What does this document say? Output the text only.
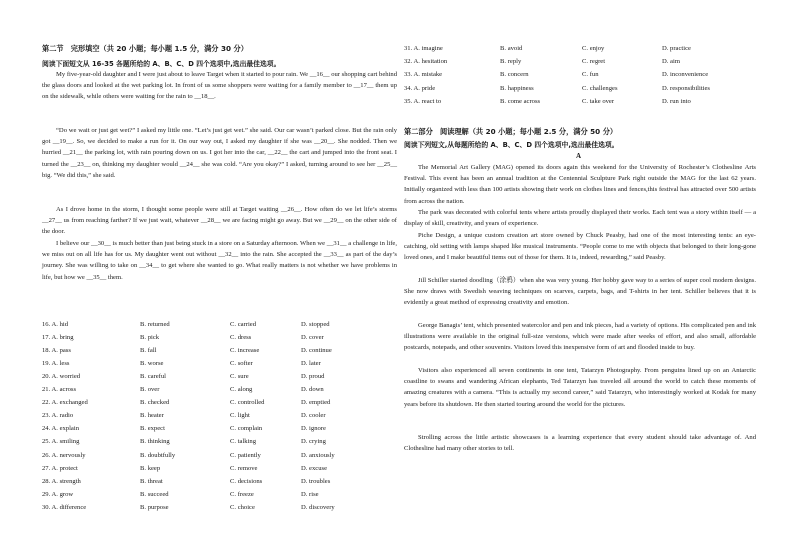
第二节　完形填空（共 20 小题；每小题 1.5 分，满分 30 分）
阅读下面短文从 16-35 各题所给的 A、B、C、D 四个选项中,选出最佳选项。

My five-year-old daughter and I were just about to leave Target when it started to pour rain. We __16__ our shopping cart behind the glass doors and looked at the wet parking lot. In front of us some shoppers were waiting for a family member to __17__ them up on the sidewalk, while others were waiting for the rain to __18__.

“Do we wait or just get wet?” I asked my little one. “Let’s just get wet.” she said. Our car wasn’t parked close. But the rain only got __19__. So, we decided to make a run for it. On our way out, I asked my daughter if she was __20__. She nodded. Then we hurried __21__ the parking lot, with rain pouring down on us. I got her into the car, __22__ the cart and jumped into the front seat. I turned the __23__ on, thinking my daughter would __24__ she was cold. “Are you okay?” I asked, turning around to see her __25__ big. “We did this,” she said.

As I drove home in the storm, I thought some people were still at Target waiting __26__. How often do we let life’s storms __27__ us from reaching farther? If we just wait, whatever __28__ we are facing might go away. But we __29__ on the other side of the door.

I believe our __30__ is much better than just being stuck in a store on a Saturday afternoon. When we __31__ a challenge in life, we miss out on all life has for us. My daughter went out without __32__ into the rain. She accepted the __33__ as part of the day’s journey. She was willing to take on __34__ to get where she wanted to go. What really matters is not whether we have problems in life, but how we __35__ them.

16. A. hid	B. returned	C. carried	D. stopped
17. A. bring	B. pick	C. dress	D. cover
18. A. pass	B. fall	C. increase	D. continue
19. A. less	B. worse	C. softer	D. later
20. A. worried	B. careful	C. sure	D. proud
21. A. across	B. over	C. along	D. down
22. A. exchanged	B. checked	C. controlled	D. emptied
23. A. radio	B. heater	C. light	D. cooler
24. A. explain	B. expect	C. complain	D. ignore
25. A. smiling	B. thinking	C. talking	D. crying
26. A. nervously	B. doubtfully	C. patiently	D. anxiously
27. A. protect	B. keep	C. remove	D. excuse
28. A. strength	B. threat	C. decisions	D. troubles
29. A. grow	B. succeed	C. freeze	D. rise
30. A. difference	B. purpose	C. choice	D. discovery
31. A. imagine	B. avoid	C. enjoy	D. practice
32. A. hesitation	B. reply	C. regret	D. aim
33. A. mistake	B. concern	C. fun	D. inconvenience
34. A. pride	B. happiness	C. challenges	D. responsibilities
35. A. react to	B. come across	C. take over	D. run into
第二部分　阅读理解（共 20 小题；每小题 2.5 分，满分 50 分）
阅读下列短文,从每题所给的 A、B、C、D 四个选项中,选出最佳选项。
A

The Memorial Art Gallery (MAG) opened its doors again this weekend for the University of Rochester’s Clothesline Arts Festival. This event has been an annual tradition at the Centennial Sculpture Park right outside the MAG for the last 62 years. Initially organized with less than 100 artists showing their work on clothes lines and fences,this festival has attracted over 500 artists from across the nation.

The park was decorated with colorful tents where artists proudly displayed their works. Each tent was a story within itself — a display of skill, creativity, and years of experience.

Piche Design, a unique custom creation art store owned by Chuck Peasby, had one of the most interesting tents: an eye-catching, old setting with lamps shaped like musical instruments. “People come to me with objects that belonged to their long-gone loved ones, and I make beautiful items out of those for them. It is, indeed, rewarding,” said Peasby.

Jill Schiller started doodling（涂鸦）when she was very young. Her hobby gave way to a series of super cool modern designs. She now draws with Swedish weaving techniques on scarves, carpets, bags, and T-shirts in her tent. Schiller believes that it is evidently a great method of expressing creativity and emotion.

George Banagis’ tent, which presented watercolor and pen and ink pieces, had a variety of options. His complicated pen and ink illustrations were available in the original full-size versions, which were made after weeks of effort, and also small, affordable postcards, notepads, and other souvenirs. Visitors loved this inexpensive form of art and flooded inside to buy.

Visitors also experienced all seven continents in one tent, Tatarzyn Photography. From penguins lined up on an Antarctic coastline to swans and wandering African elephants, Ted Tatarzyn has traveled all around the world to catch these moments of amazing creatures with a camera. “This is actually my second career,” said Tatarzyn, who interestingly worked at Kodak for many years before its shutdown. He then started touring around the world for the pictures.

Strolling across the little artistic showcases is a learning experience that every student should take advantage of. And Clothesline had many other stories to tell.
